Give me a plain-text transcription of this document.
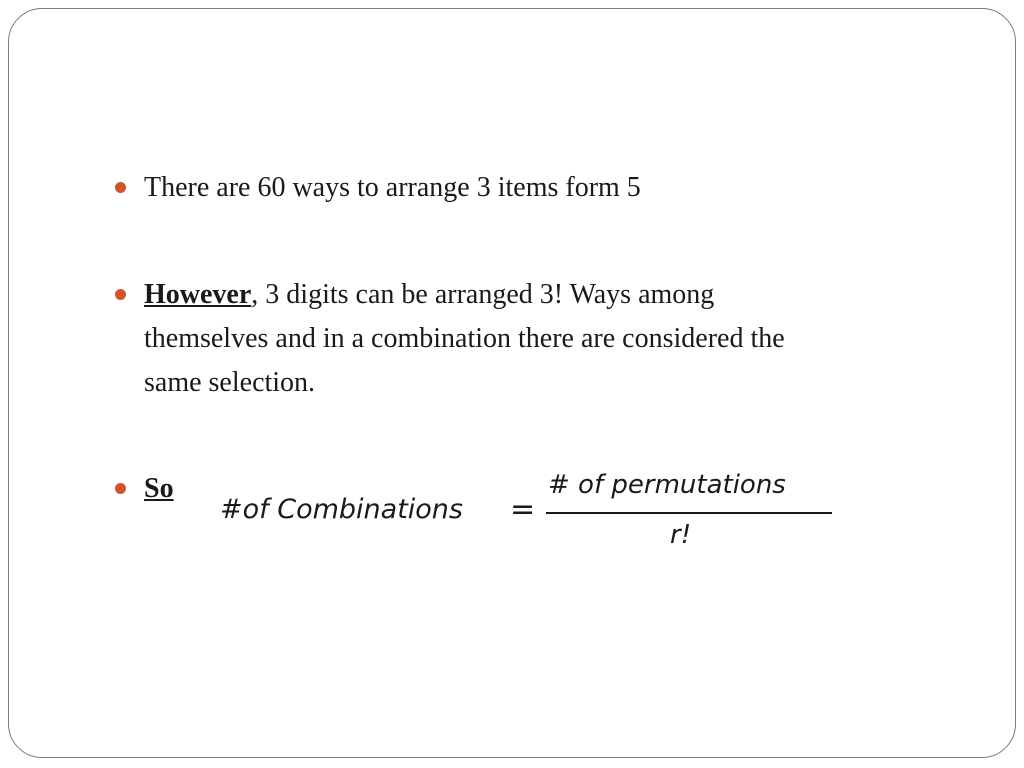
There are 60 ways to arrange 3 items form 5
However, 3 digits can be arranged 3! Ways among
themselves and in a combination there are considered the
same selection.
So
#of Combinations =
# of permutations
r!
